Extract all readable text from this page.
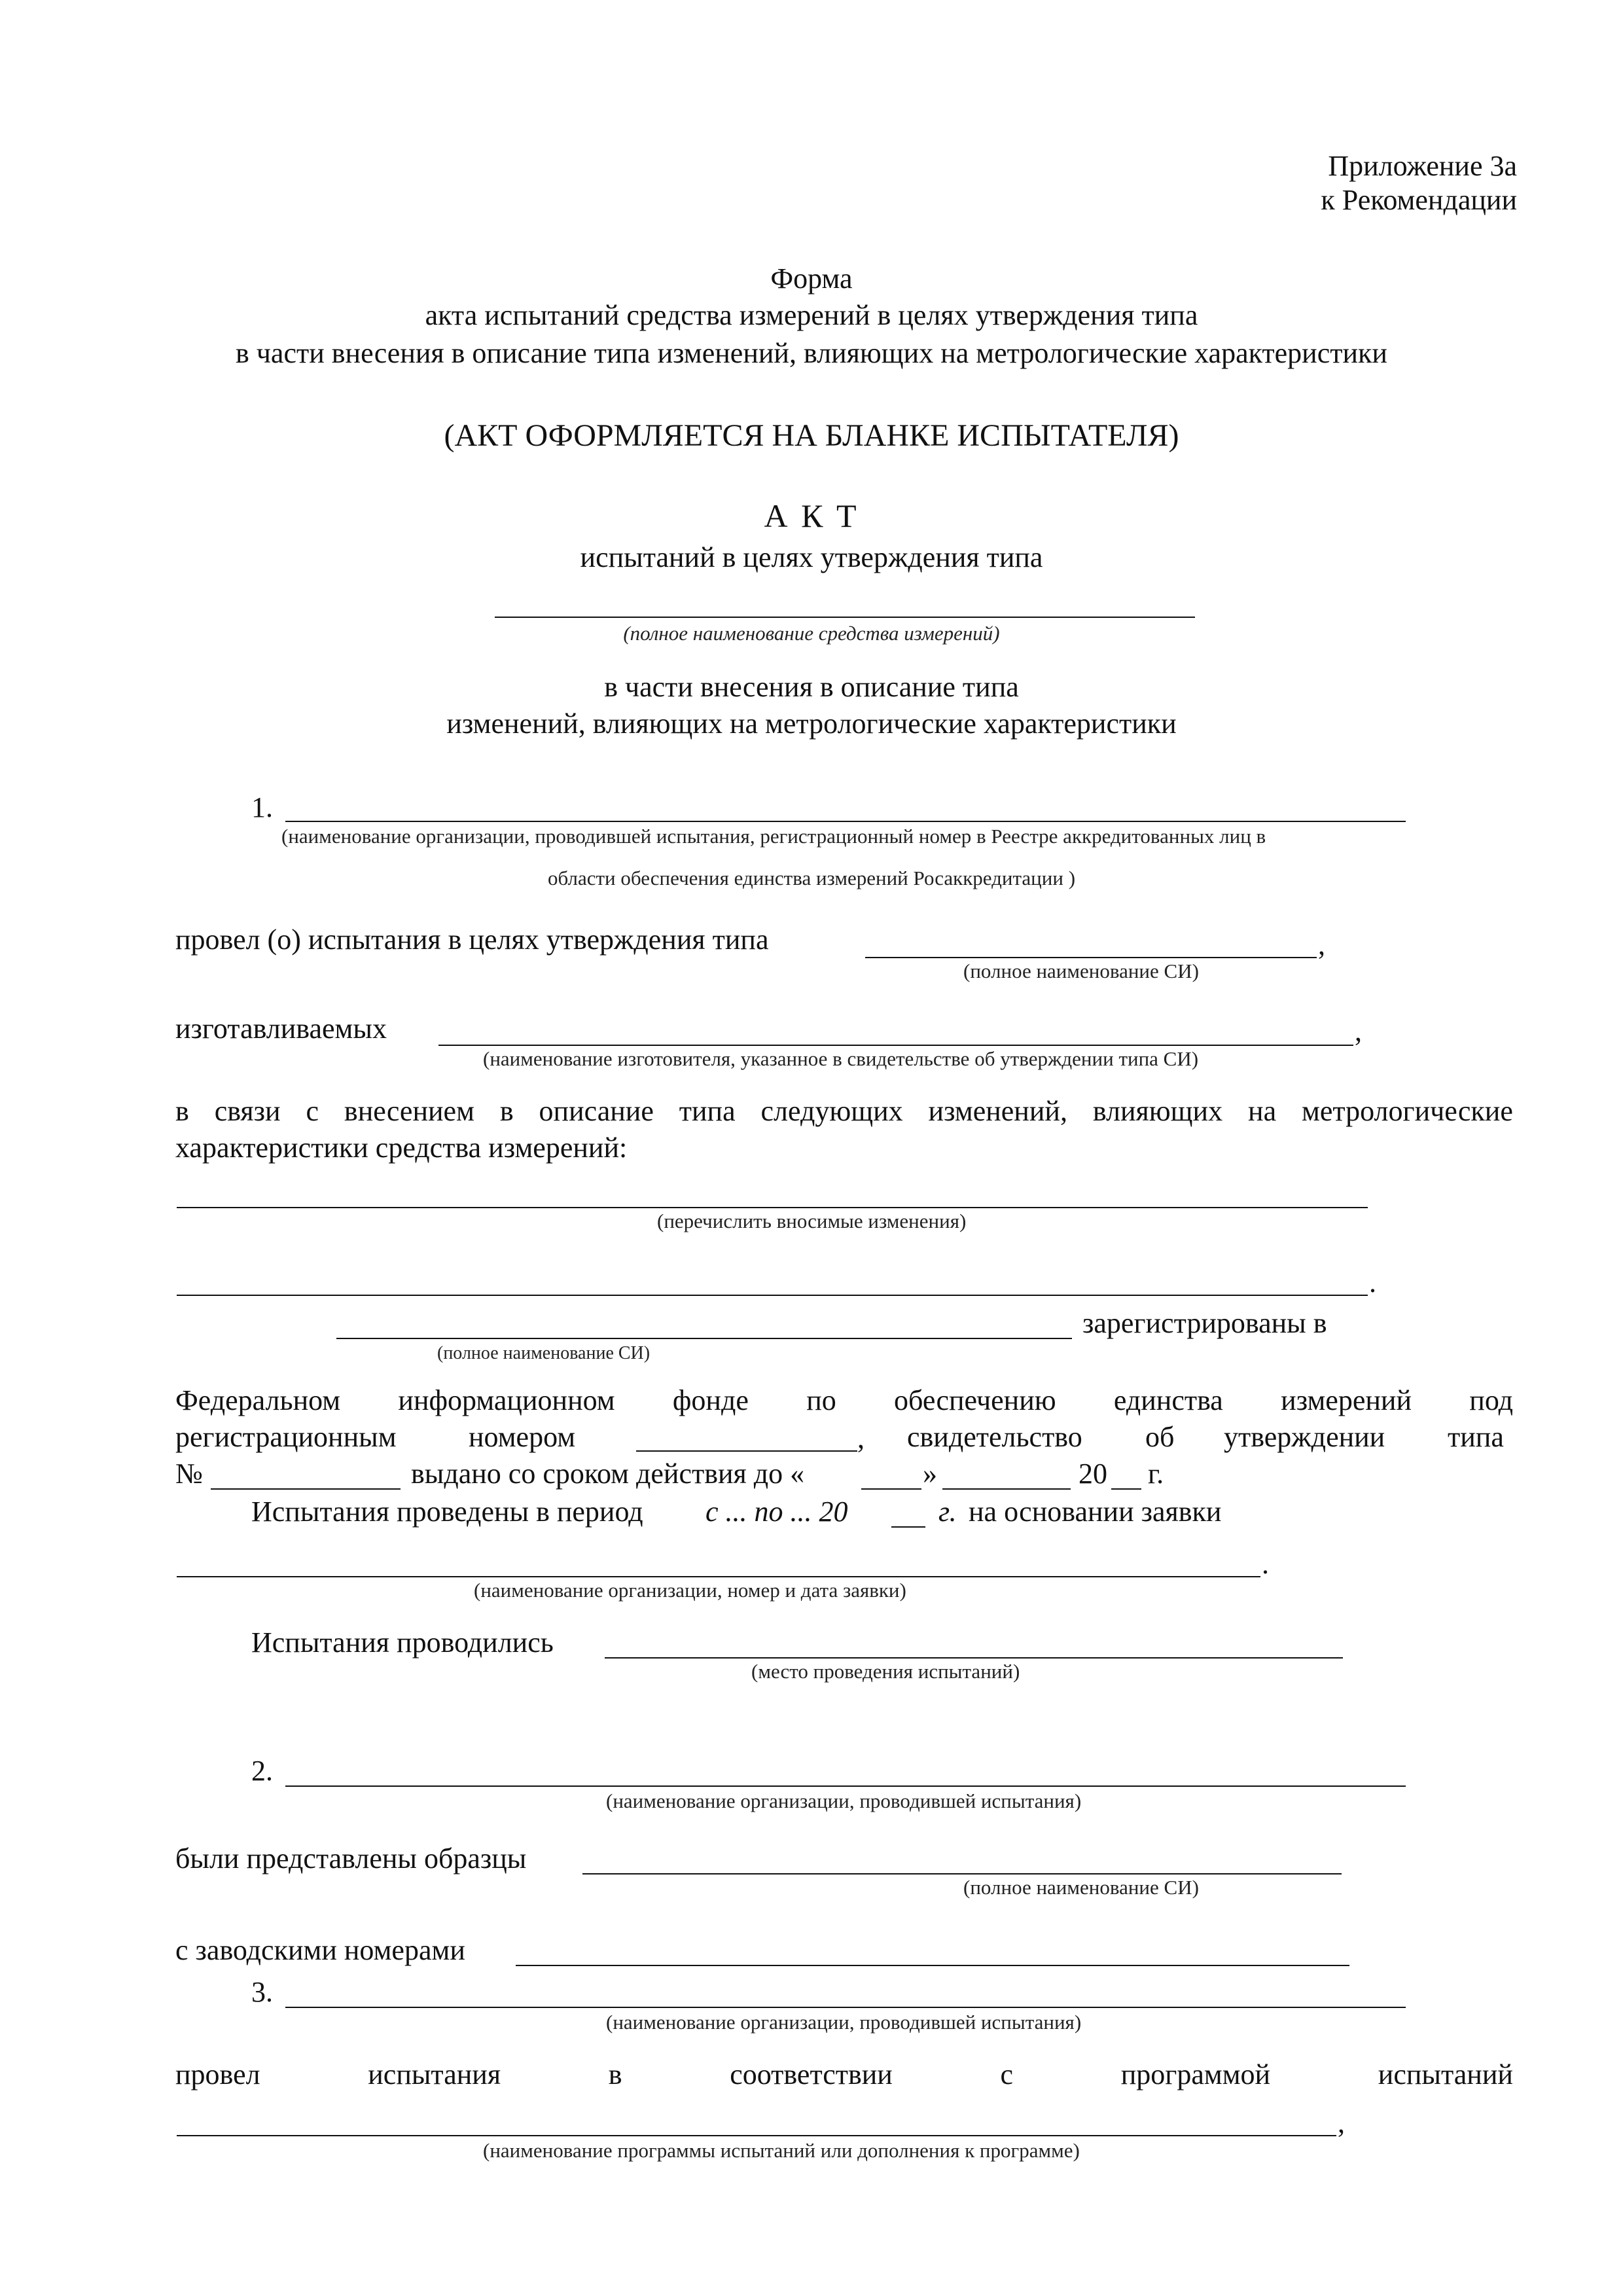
Приложение 3а
к Рекомендации
Форма
акта испытаний средства измерений в целях утверждения типа
в части внесения в описание типа изменений, влияющих на метрологические характеристики
(АКТ ОФОРМЛЯЕТСЯ НА БЛАНКЕ ИСПЫТАТЕЛЯ)
А К Т
испытаний в целях утверждения типа
(полное наименование средства измерений)
в части внесения в описание типа
изменений, влияющих на метрологические характеристики
1.
(наименование организации, проводившей испытания, регистрационный номер в Реестре аккредитованных лиц в
области обеспечения единства измерений Росаккредитации )
провел (о) испытания в целях утверждения типа	,
(полное наименование СИ)
изготавливаемых	,
(наименование изготовителя, указанное в свидетельстве об утверждении типа СИ)
в связи с внесением в описание типа следующих изменений, влияющих на метрологические
характеристики средства измерений:
(перечислить вносимые изменения)
.
зарегистрированы в
(полное наименование СИ)
Федеральном информационном фонде по обеспечению единства измерений под
регистрационным	номером	, свидетельство об утверждении типа
№	выдано со сроком действия до «	»	20 г.
Испытания проведены в период с ... по ... 20	г. на основании заявки
.
(наименование организации, номер и дата заявки)
Испытания проводились
(место проведения испытаний)
2.
(наименование организации, проводившей испытания)
были представлены образцы
(полное наименование СИ)
с заводскими номерами
3.
(наименование организации, проводившей испытания)
провел	испытания	в	соответствии	с	программой	испытаний
,
(наименование программы испытаний или дополнения к программе)
